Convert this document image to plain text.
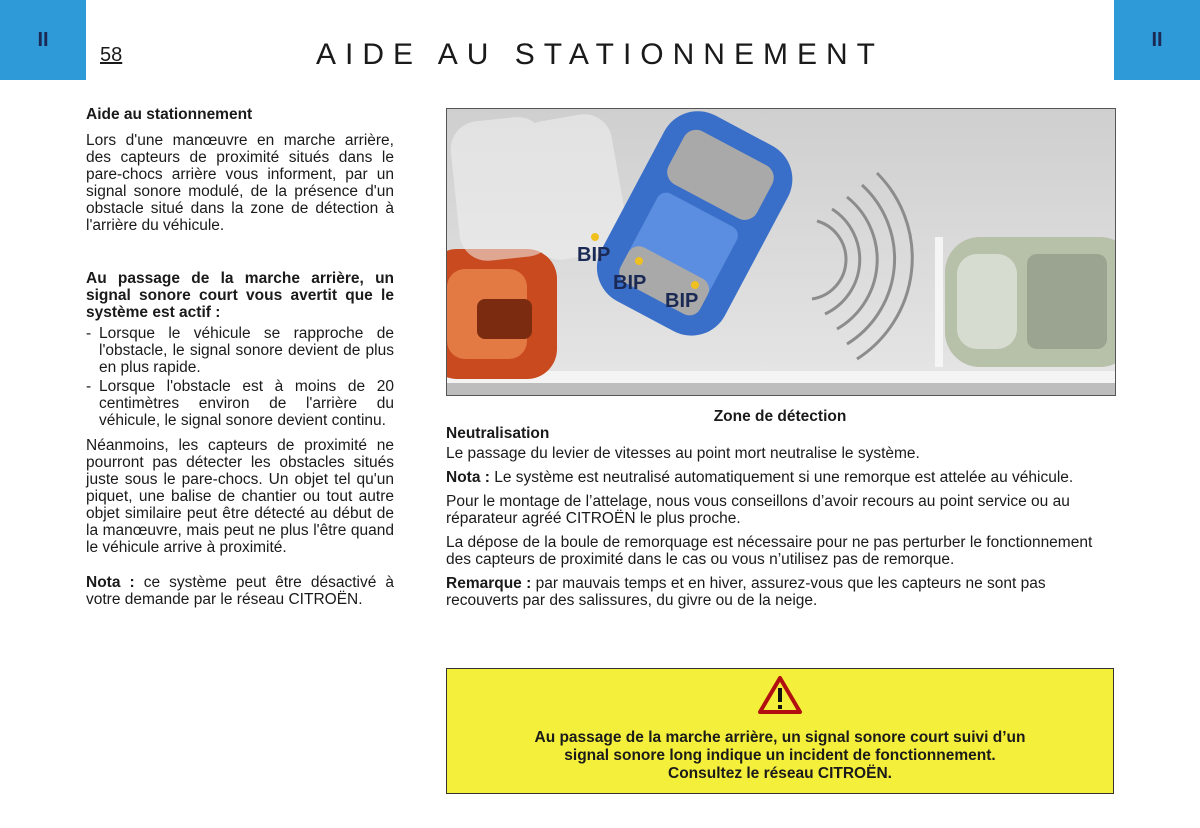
II	II
58	AIDE AU STATIONNEMENT

Aide au stationnement

Lors d'une manœuvre en marche arrière, des capteurs de proximité situés dans le pare-chocs arrière vous informent, par un signal sonore modulé, de la présence d'un obstacle situé dans la zone de détection à l'arrière du véhicule.

Au passage de la marche arrière, un signal sonore court vous avertit que le système est actif :

- Lorsque le véhicule se rapproche de l'obstacle, le signal sonore devient de plus en plus rapide.
- Lorsque l'obstacle est à moins de 20 centimètres environ de l'arrière du véhicule, le signal sonore devient continu.

Néanmoins, les capteurs de proximité ne pourront pas détecter les obstacles situés juste sous le pare-chocs. Un objet tel qu'un piquet, une balise de chantier ou tout autre objet similaire peut être détecté au début de la manœuvre, mais peut ne plus l'être quand le véhicule arrive à proximité.

Nota : ce système peut être désactivé à votre demande par le réseau CITROËN.

BIP
BIP
BIP
Zone de détection

Neutralisation

Le passage du levier de vitesses au point mort neutralise le système.

Nota : Le système est neutralisé automatiquement si une remorque est attelée au véhicule.

Pour le montage de l’attelage, nous vous conseillons d’avoir recours au point service ou au réparateur agréé CITROËN le plus proche.

La dépose de la boule de remorquage est nécessaire pour ne pas perturber le fonctionnement des capteurs de proximité dans le cas ou vous n’utilisez pas de remorque.

Remarque : par mauvais temps et en hiver, assurez-vous que les capteurs ne sont pas recouverts par des salissures, du givre ou de la neige.

Au passage de la marche arrière, un signal sonore court suivi d’un
signal sonore long indique un incident de fonctionnement.
Consultez le réseau CITROËN.
